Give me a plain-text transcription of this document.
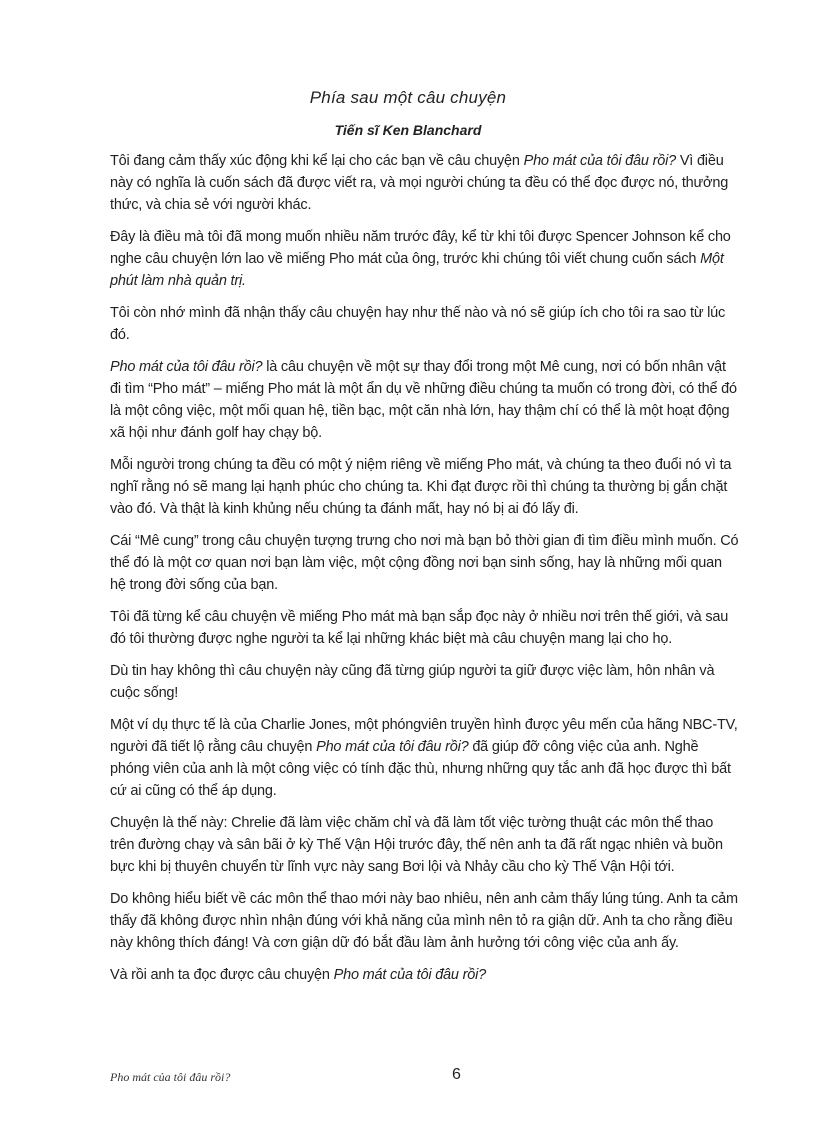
Phía sau một câu chuyện
Tiến sĩ Ken Blanchard

Tôi đang cảm thấy xúc động khi kể lại cho các bạn về câu chuyện Pho mát của tôi đâu rồi? Vì điều này có nghĩa là cuốn sách đã được viết ra, và mọi người chúng ta đều có thể đọc được nó, thưởng thức, và chia sẻ với người khác.

Đây là điều mà tôi đã mong muốn nhiều năm trước đây, kể từ khi tôi được Spencer Johnson kể cho nghe câu chuyện lớn lao về miếng Pho mát của ông, trước khi chúng tôi viết chung cuốn sách Một phút làm nhà quản trị.

Tôi còn nhớ mình đã nhận thấy câu chuyện hay như thế nào và nó sẽ giúp ích cho tôi ra sao từ lúc đó.

Pho mát của tôi đâu rồi? là câu chuyện về một sự thay đổi trong một Mê cung, nơi có bốn nhân vật đi tìm “Pho mát” – miếng Pho mát là một ẩn dụ về những điều chúng ta muốn có trong đời, có thể đó là một công việc, một mối quan hệ, tiền bạc, một căn nhà lớn, hay thậm chí có thể là một hoạt động xã hội như đánh golf hay chạy bộ.

Mỗi người trong chúng ta đều có một ý niệm riêng về miếng Pho mát, và chúng ta theo đuổi nó vì ta nghĩ rằng nó sẽ mang lại hạnh phúc cho chúng ta. Khi đạt được rồi thì chúng ta thường bị gắn chặt vào đó. Và thật là kinh khủng nếu chúng ta đánh mất, hay nó bị ai đó lấy đi.

Cái “Mê cung” trong câu chuyện tượng trưng cho nơi mà bạn bỏ thời gian đi tìm điều mình muốn. Có thể đó là một cơ quan nơi bạn làm việc, một cộng đồng nơi bạn sinh sống, hay là những mối quan hệ trong đời sống của bạn.

Tôi đã từng kể câu chuyện về miếng Pho mát mà bạn sắp đọc này ở nhiều nơi trên thế giới, và sau đó tôi thường được nghe người ta kể lại những khác biệt mà câu chuyện mang lại cho họ.

Dù tin hay không thì câu chuyện này cũng đã từng giúp người ta giữ được việc làm, hôn nhân và cuộc sống!

Một ví dụ thực tế là của Charlie Jones, một phóngviên truyền hình được yêu mến của hãng NBC-TV, người đã tiết lộ rằng câu chuyện Pho mát của tôi đâu rồi? đã giúp đỡ công việc của anh. Nghề phóng viên của anh là một công việc có tính đặc thù, nhưng những quy tắc anh đã học được thì bất cứ ai cũng có thể áp dụng.

Chuyện là thế này: Chrelie đã làm việc chăm chỉ và đã làm tốt việc tường thuật các môn thể thao trên đường chạy và sân bãi ở kỳ Thế Vận Hội trước đây, thế nên anh ta đã rất ngạc nhiên và buồn bực khi bị thuyên chuyển từ lĩnh vực này sang Bơi lội và Nhảy cầu cho kỳ Thế Vận Hội tới.

Do không hiểu biết về các môn thể thao mới này bao nhiêu, nên anh cảm thấy lúng túng. Anh ta cảm thấy đã không được nhìn nhận đúng với khả năng của mình nên tỏ ra giận dữ. Anh ta cho rằng điều này không thích đáng! Và cơn giận dữ đó bắt đầu làm ảnh hưởng tới công việc của anh ấy.

Và rồi anh ta đọc được câu chuyện Pho mát của tôi đâu rồi?

Pho mát của tôi đâu rồi?	6
